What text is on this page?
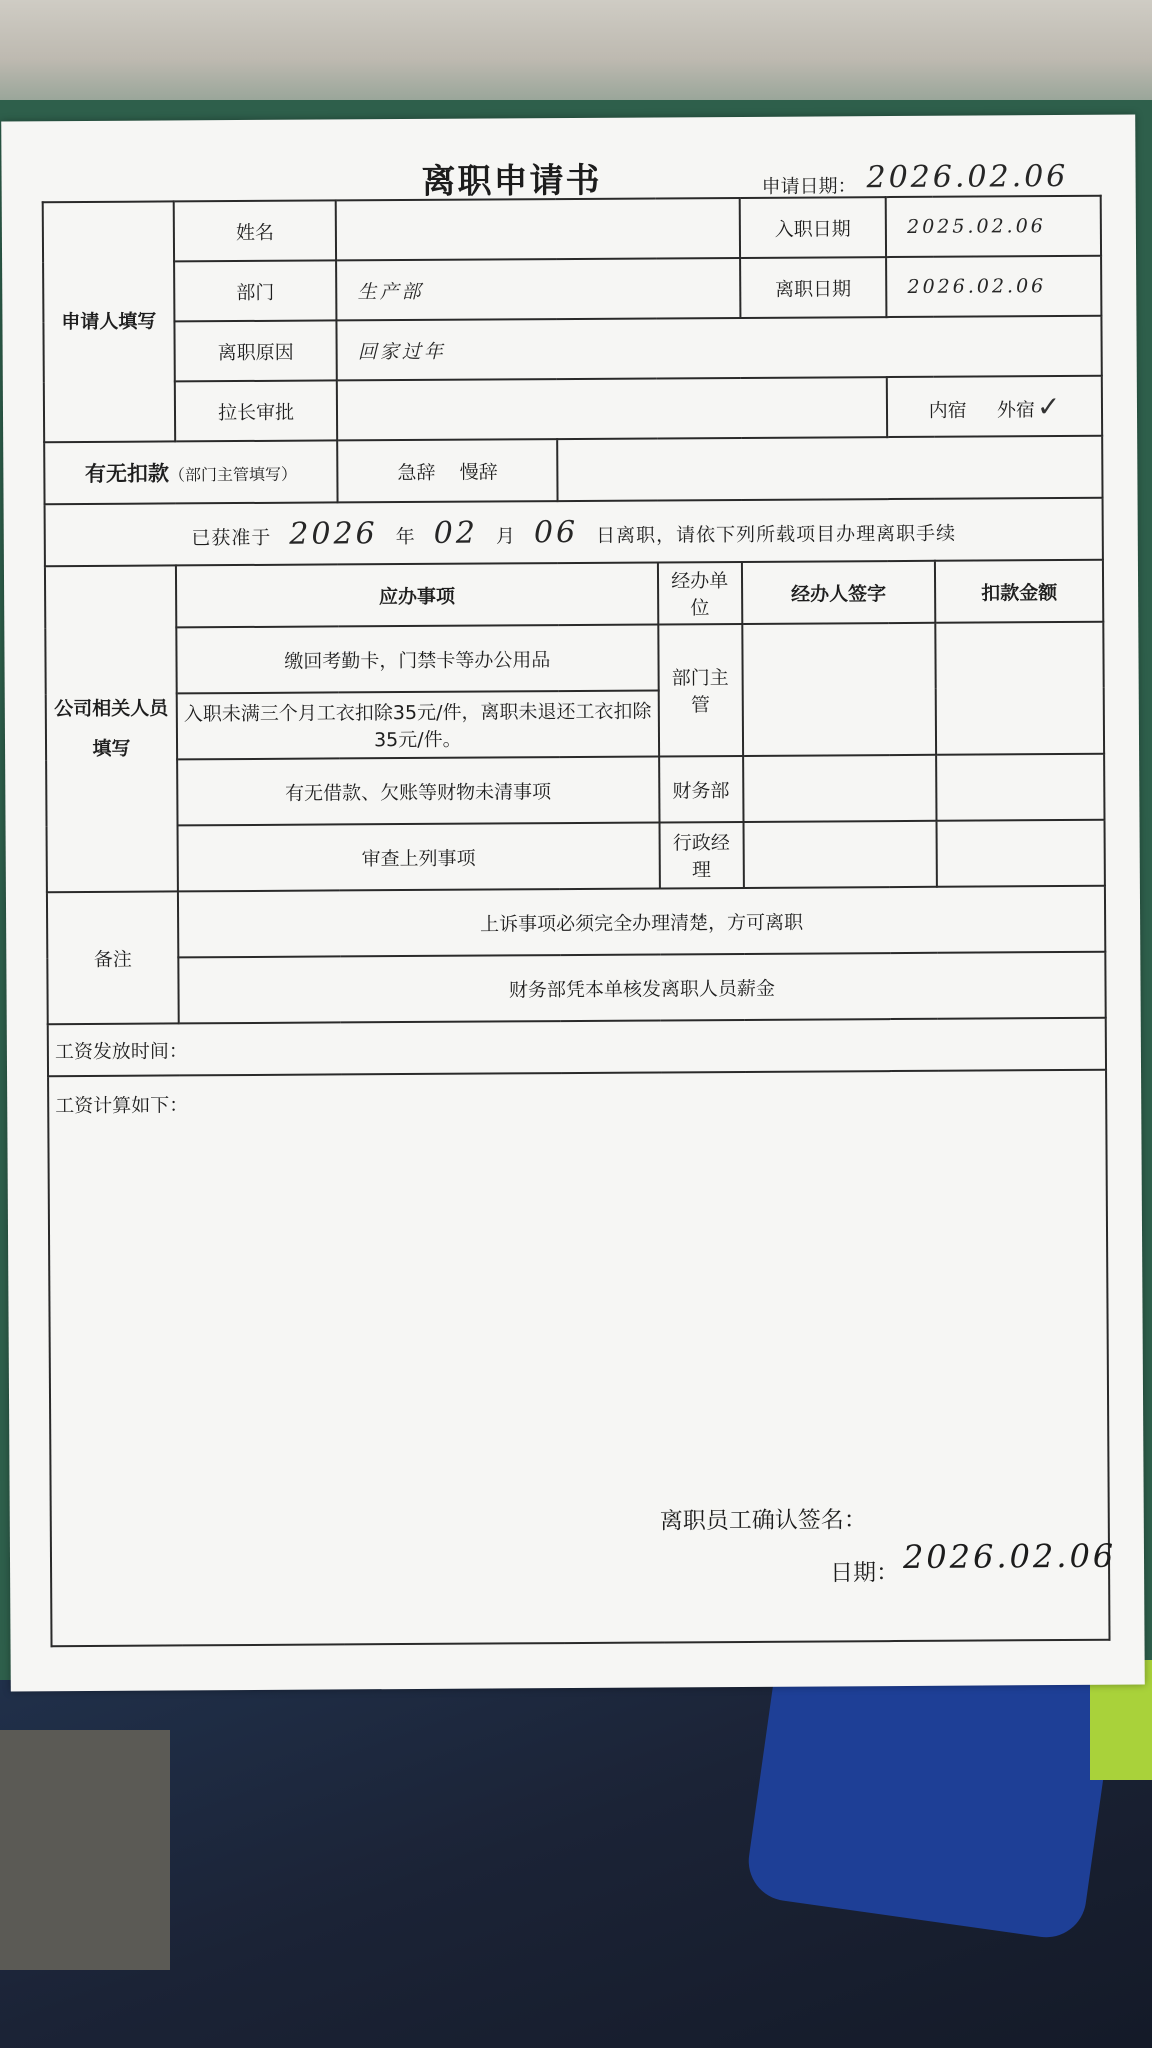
离职申请书	申请日期： 2026.02.06
申请人填写	姓名				入职日期	2025.02.06	
	部门	生产部			离职日期	2026.02.06	
	离职原因	回家过年					
	拉长审批					内宿 外宿✓	
有无扣款（部门主管填写）		急辞 慢辞					
已获准于 2026 年 02 月 06 日离职，请依下列所载项目办理离职手续							
公司相关人员填写	应办事项			经办单位	经办人签字		扣款金额
	缴回考勤卡，门禁卡等办公用品			部门主管			
	入职未满三个月工衣扣除35元/件，离职未退还工衣扣除35元/件。						
	有无借款、欠账等财物未清事项			财务部			
	审查上列事项			行政经理			
备注	上诉事项必须完全办理清楚，方可离职						
	财务部凭本单核发离职人员薪金						
工资发放时间：							
工资计算如下：							
离职员工确认签名：
日期： 2026.02.06
